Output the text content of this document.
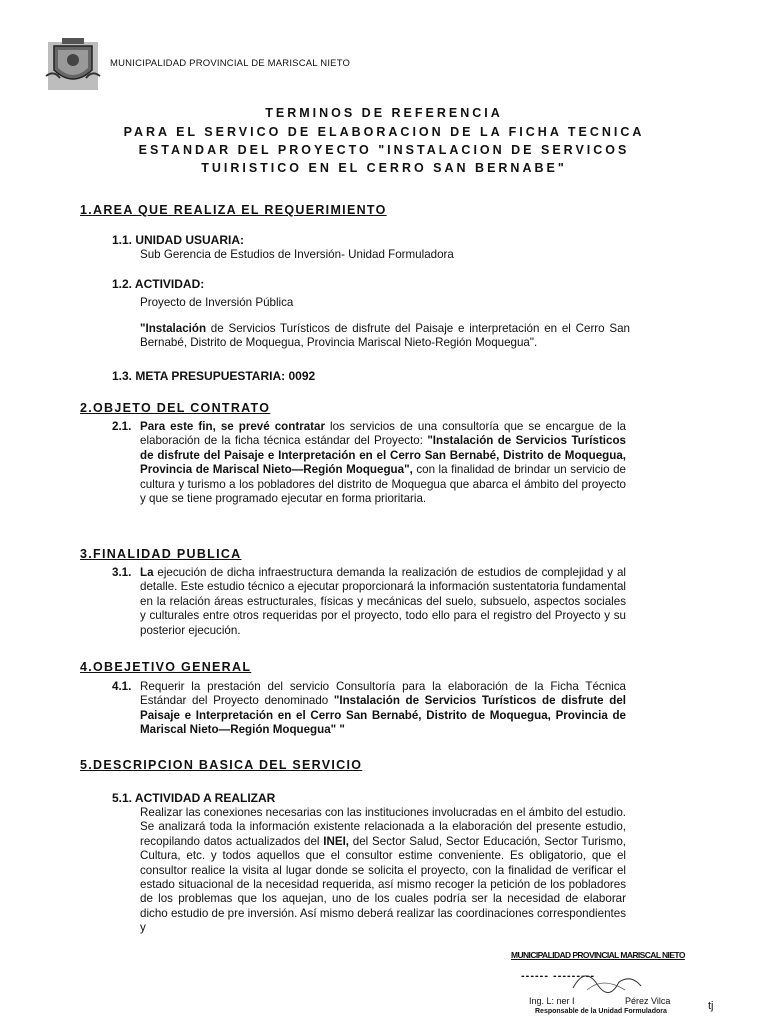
MUNICIPALIDAD PROVINCIAL DE MARISCAL NIETO
TERMINOS DE REFERENCIA
PARA EL SERVICO DE ELABORACION DE LA FICHA TECNICA
ESTANDAR DEL PROYECTO "INSTALACION DE SERVICOS
TUIRISTICO EN EL CERRO SAN BERNABE"
1.AREA QUE REALIZA EL REQUERIMIENTO
1.1. UNIDAD USUARIA:
Sub Gerencia de Estudios de Inversión- Unidad Formuladora
1.2. ACTIVIDAD:
Proyecto de Inversión Pública
"Instalación de Servicios Turísticos de disfrute del Paisaje e interpretación en el Cerro San Bernabé, Distrito de Moquegua, Provincia Mariscal Nieto-Región Moquegua".
1.3. META PRESUPUESTARIA: 0092
2.OBJETO DEL CONTRATO
2.1. Para este fin, se prevé contratar los servicios de una consultoría que se encargue de la elaboración de la ficha técnica estándar del Proyecto: "Instalación de Servicios Turísticos de disfrute del Paisaje e Interpretación en el Cerro San Bernabé, Distrito de Moquegua, Provincia de Mariscal Nieto—Región Moquegua", con la finalidad de brindar un servicio de cultura y turismo a los pobladores del distrito de Moquegua que abarca el ámbito del proyecto y que se tiene programado ejecutar en forma prioritaria.
3.FINALIDAD PUBLICA
3.1. La ejecución de dicha infraestructura demanda la realización de estudios de complejidad y al detalle. Este estudio técnico a ejecutar proporcionará la información sustentatoria fundamental en la relación áreas estructurales, físicas y mecánicas del suelo, subsuelo, aspectos sociales y culturales entre otros requeridas por el proyecto, todo ello para el registro del Proyecto y su posterior ejecución.
4.OBEJETIVO GENERAL
4.1. Requerir la prestación del servicio Consultoría para la elaboración de la Ficha Técnica Estándar del Proyecto denominado "Instalación de Servicios Turísticos de disfrute del Paisaje e Interpretación en el Cerro San Bernabé, Distrito de Moquegua, Provincia de Mariscal Nieto—Región Moquegua" "
5.DESCRIPCION BASICA DEL SERVICIO
5.1. ACTIVIDAD A REALIZAR
Realizar las conexiones necesarias con las instituciones involucradas en el ámbito del estudio. Se analizará toda la información existente relacionada a la elaboración del presente estudio, recopilando datos actualizados del INEI, del Sector Salud, Sector Educación, Sector Turismo, Cultura, etc. y todos aquellos que el consultor estime conveniente. Es obligatorio, que el consultor realice la visita al lugar donde se solicita el proyecto, con la finalidad de verificar el estado situacional de la necesidad requerida, así mismo recoger la petición de los pobladores de los problemas que los aquejan, uno de los cuales podría ser la necesidad de elaborar dicho estudio de pre inversión. Así mismo deberá realizar las coordinaciones correspondientes y
MUNICIPALIDAD PROVINCIAL MARISCAL NIETO
------ ---------
Ing. L: ner I	Pérez Vilca
Responsable de la Unidad Formuladora	tj
